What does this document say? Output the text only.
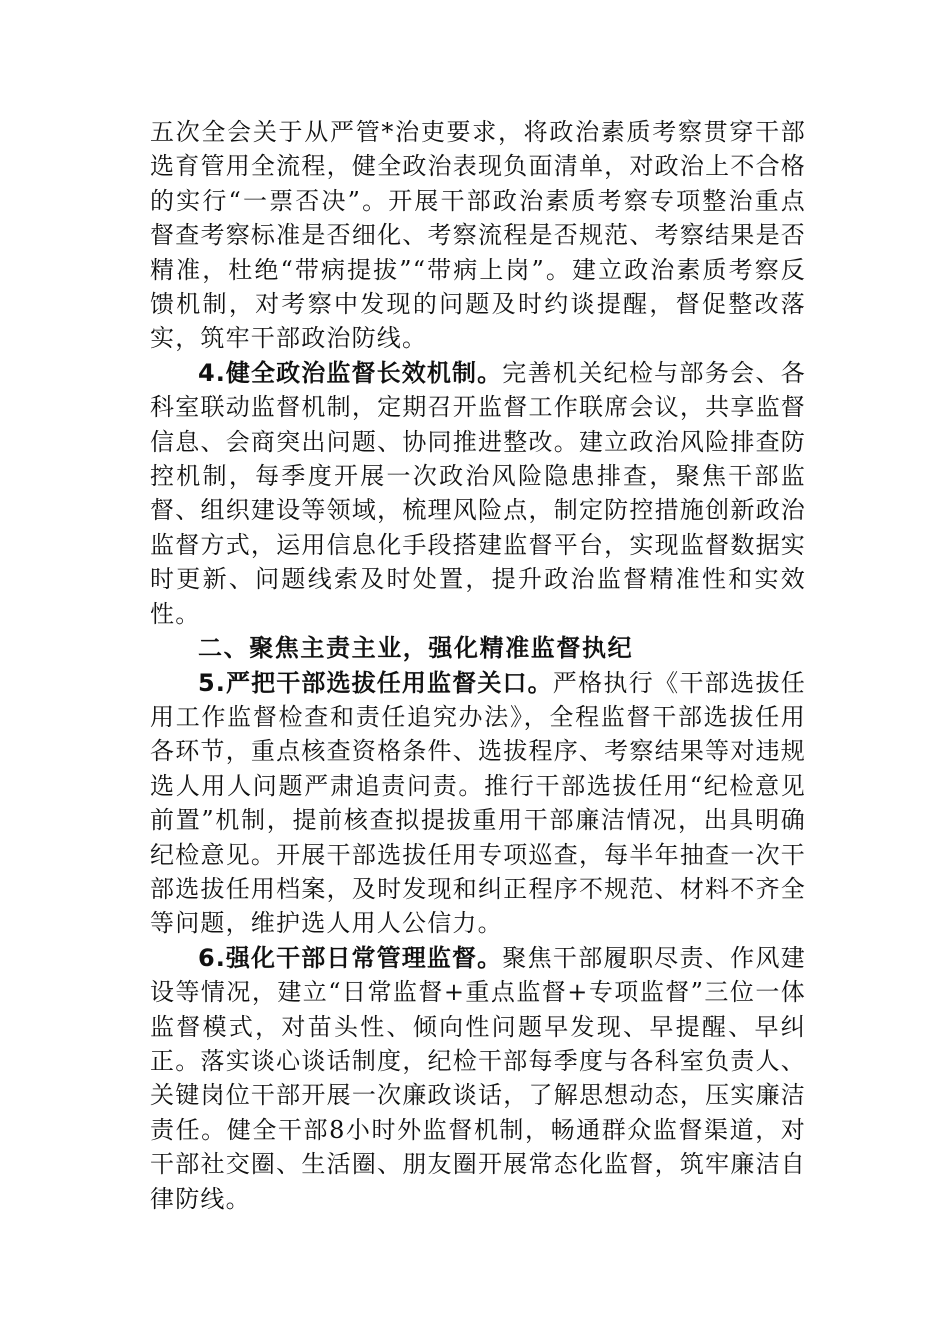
五次全会关于从严管*治吏要求，将政治素质考察贯穿干部选育管用全流程，健全政治表现负面清单，对政治上不合格的实行“一票否决”。开展干部政治素质考察专项整治重点督查考察标准是否细化、考察流程是否规范、考察结果是否精准，杜绝“带病提拔”“带病上岗”。建立政治素质考察反馈机制，对考察中发现的问题及时约谈提醒，督促整改落实，筑牢干部政治防线。

4.健全政治监督长效机制。完善机关纪检与部务会、各科室联动监督机制，定期召开监督工作联席会议，共享监督信息、会商突出问题、协同推进整改。建立政治风险排查防控机制，每季度开展一次政治风险隐患排查，聚焦干部监督、组织建设等领域，梳理风险点，制定防控措施创新政治监督方式，运用信息化手段搭建监督平台，实现监督数据实时更新、问题线索及时处置，提升政治监督精准性和实效性。

二、聚焦主责主业，强化精准监督执纪

5.严把干部选拔任用监督关口。严格执行《干部选拔任用工作监督检查和责任追究办法》，全程监督干部选拔任用各环节，重点核查资格条件、选拔程序、考察结果等对违规选人用人问题严肃追责问责。推行干部选拔任用“纪检意见前置”机制，提前核查拟提拔重用干部廉洁情况，出具明确纪检意见。开展干部选拔任用专项巡查，每半年抽查一次干部选拔任用档案，及时发现和纠正程序不规范、材料不齐全等问题，维护选人用人公信力。

6.强化干部日常管理监督。聚焦干部履职尽责、作风建设等情况，建立“日常监督+重点监督+专项监督”三位一体监督模式，对苗头性、倾向性问题早发现、早提醒、早纠正。落实谈心谈话制度，纪检干部每季度与各科室负责人、关键岗位干部开展一次廉政谈话，了解思想动态，压实廉洁责任。健全干部8小时外监督机制，畅通群众监督渠道，对干部社交圈、生活圈、朋友圈开展常态化监督，筑牢廉洁自律防线。
